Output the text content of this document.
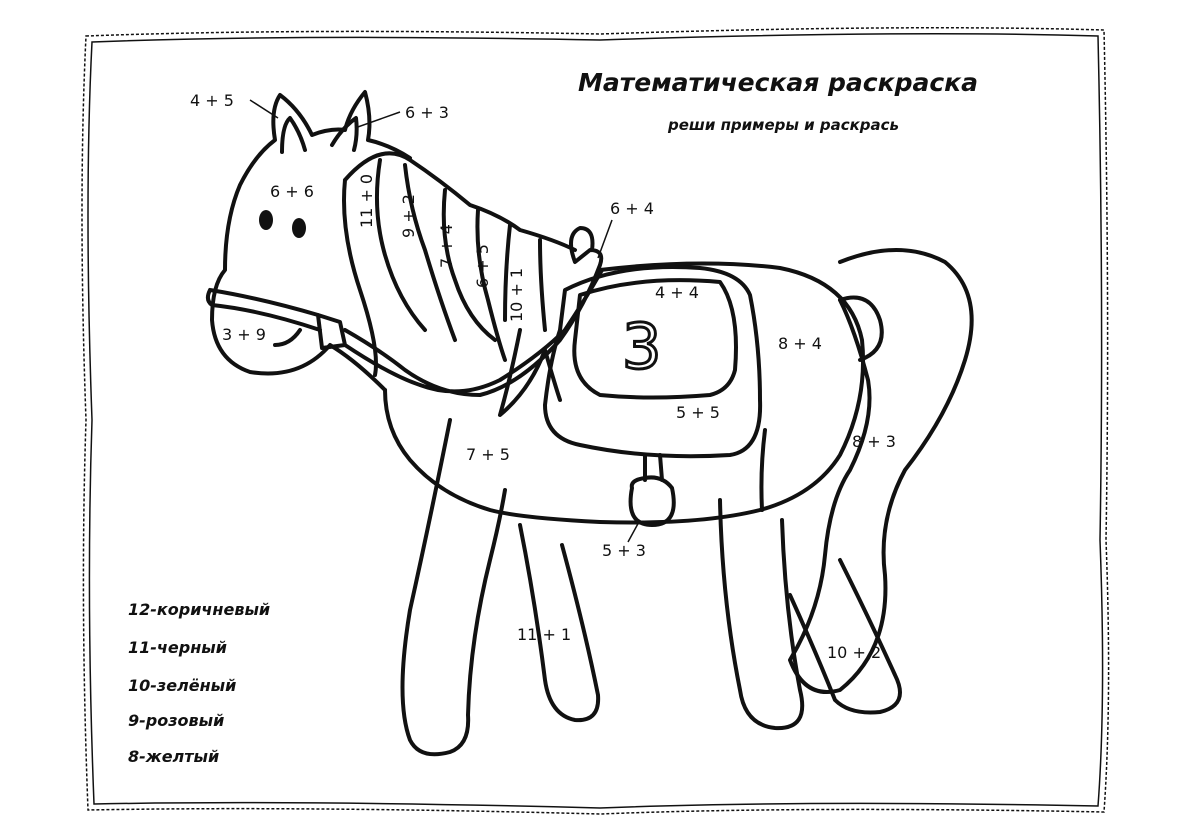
3
4 + 5
6 + 3
6 + 6
3 + 9
11 + 0 9 + 2
7 + 4 6 + 5
10 + 1
6 + 4
4 + 4
5 + 5
8 + 4
8 + 3
7 + 5
5 + 3
11 + 1
10 + 2
Математическая раскраска
реши примеры и раскрась
12-коричневый
11-черный
10-зелёный
9-розовый
8-желтый
